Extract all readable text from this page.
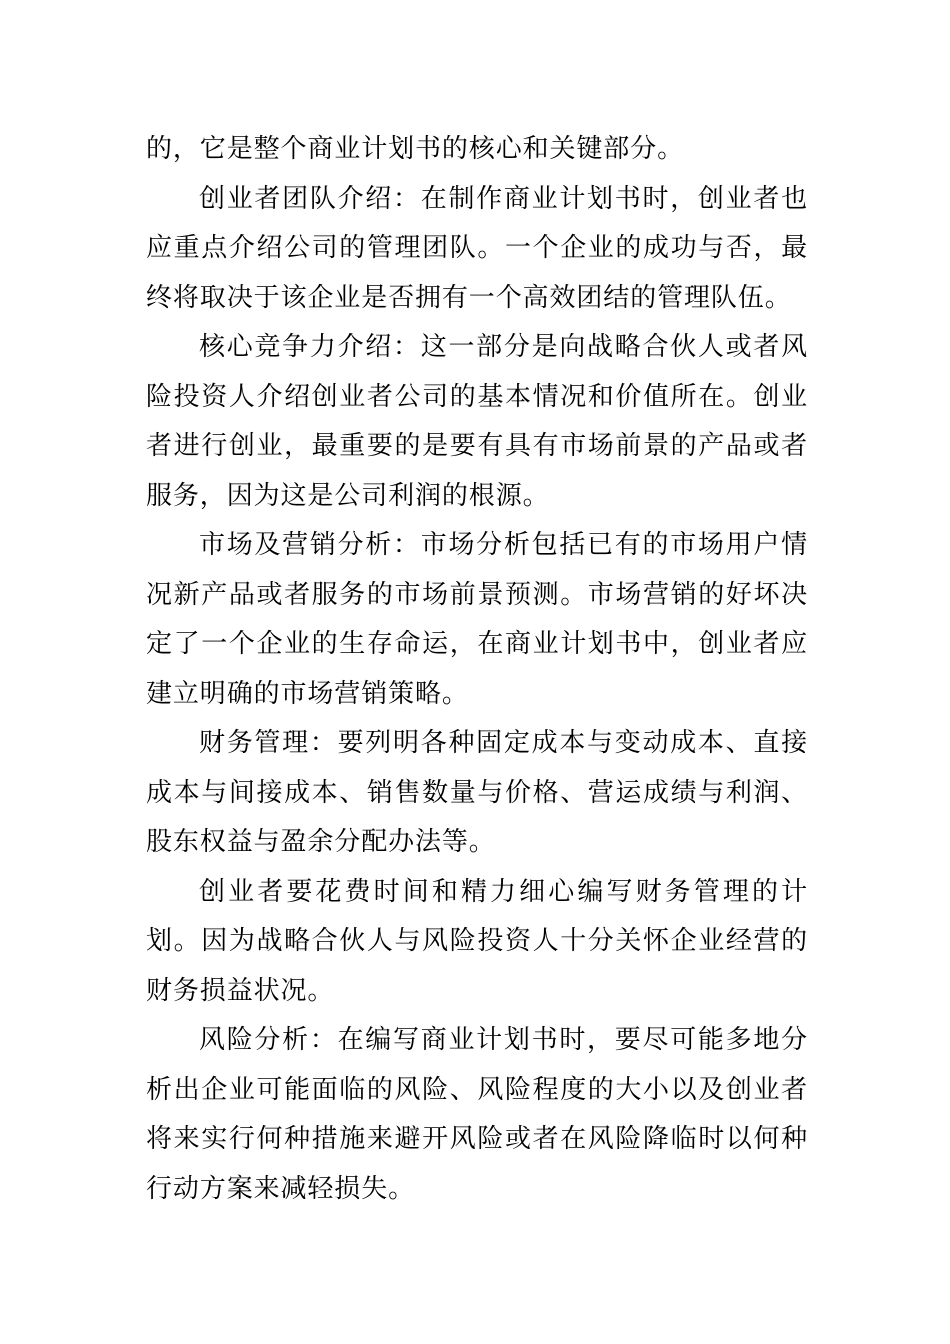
的，它是整个商业计划书的核心和关键部分。

创业者团队介绍：在制作商业计划书时，创业者也应重点介绍公司的管理团队。一个企业的成功与否，最终将取决于该企业是否拥有一个高效团结的管理队伍。

核心竞争力介绍：这一部分是向战略合伙人或者风险投资人介绍创业者公司的基本情况和价值所在。创业者进行创业，最重要的是要有具有市场前景的产品或者服务，因为这是公司利润的根源。

市场及营销分析：市场分析包括已有的市场用户情况新产品或者服务的市场前景预测。市场营销的好坏决定了一个企业的生存命运，在商业计划书中，创业者应建立明确的市场营销策略。

财务管理：要列明各种固定成本与变动成本、直接成本与间接成本、销售数量与价格、营运成绩与利润、股东权益与盈余分配办法等。

创业者要花费时间和精力细心编写财务管理的计划。因为战略合伙人与风险投资人十分关怀企业经营的财务损益状况。

风险分析：在编写商业计划书时，要尽可能多地分析出企业可能面临的风险、风险程度的大小以及创业者将来实行何种措施来避开风险或者在风险降临时以何种行动方案来减轻损失。
